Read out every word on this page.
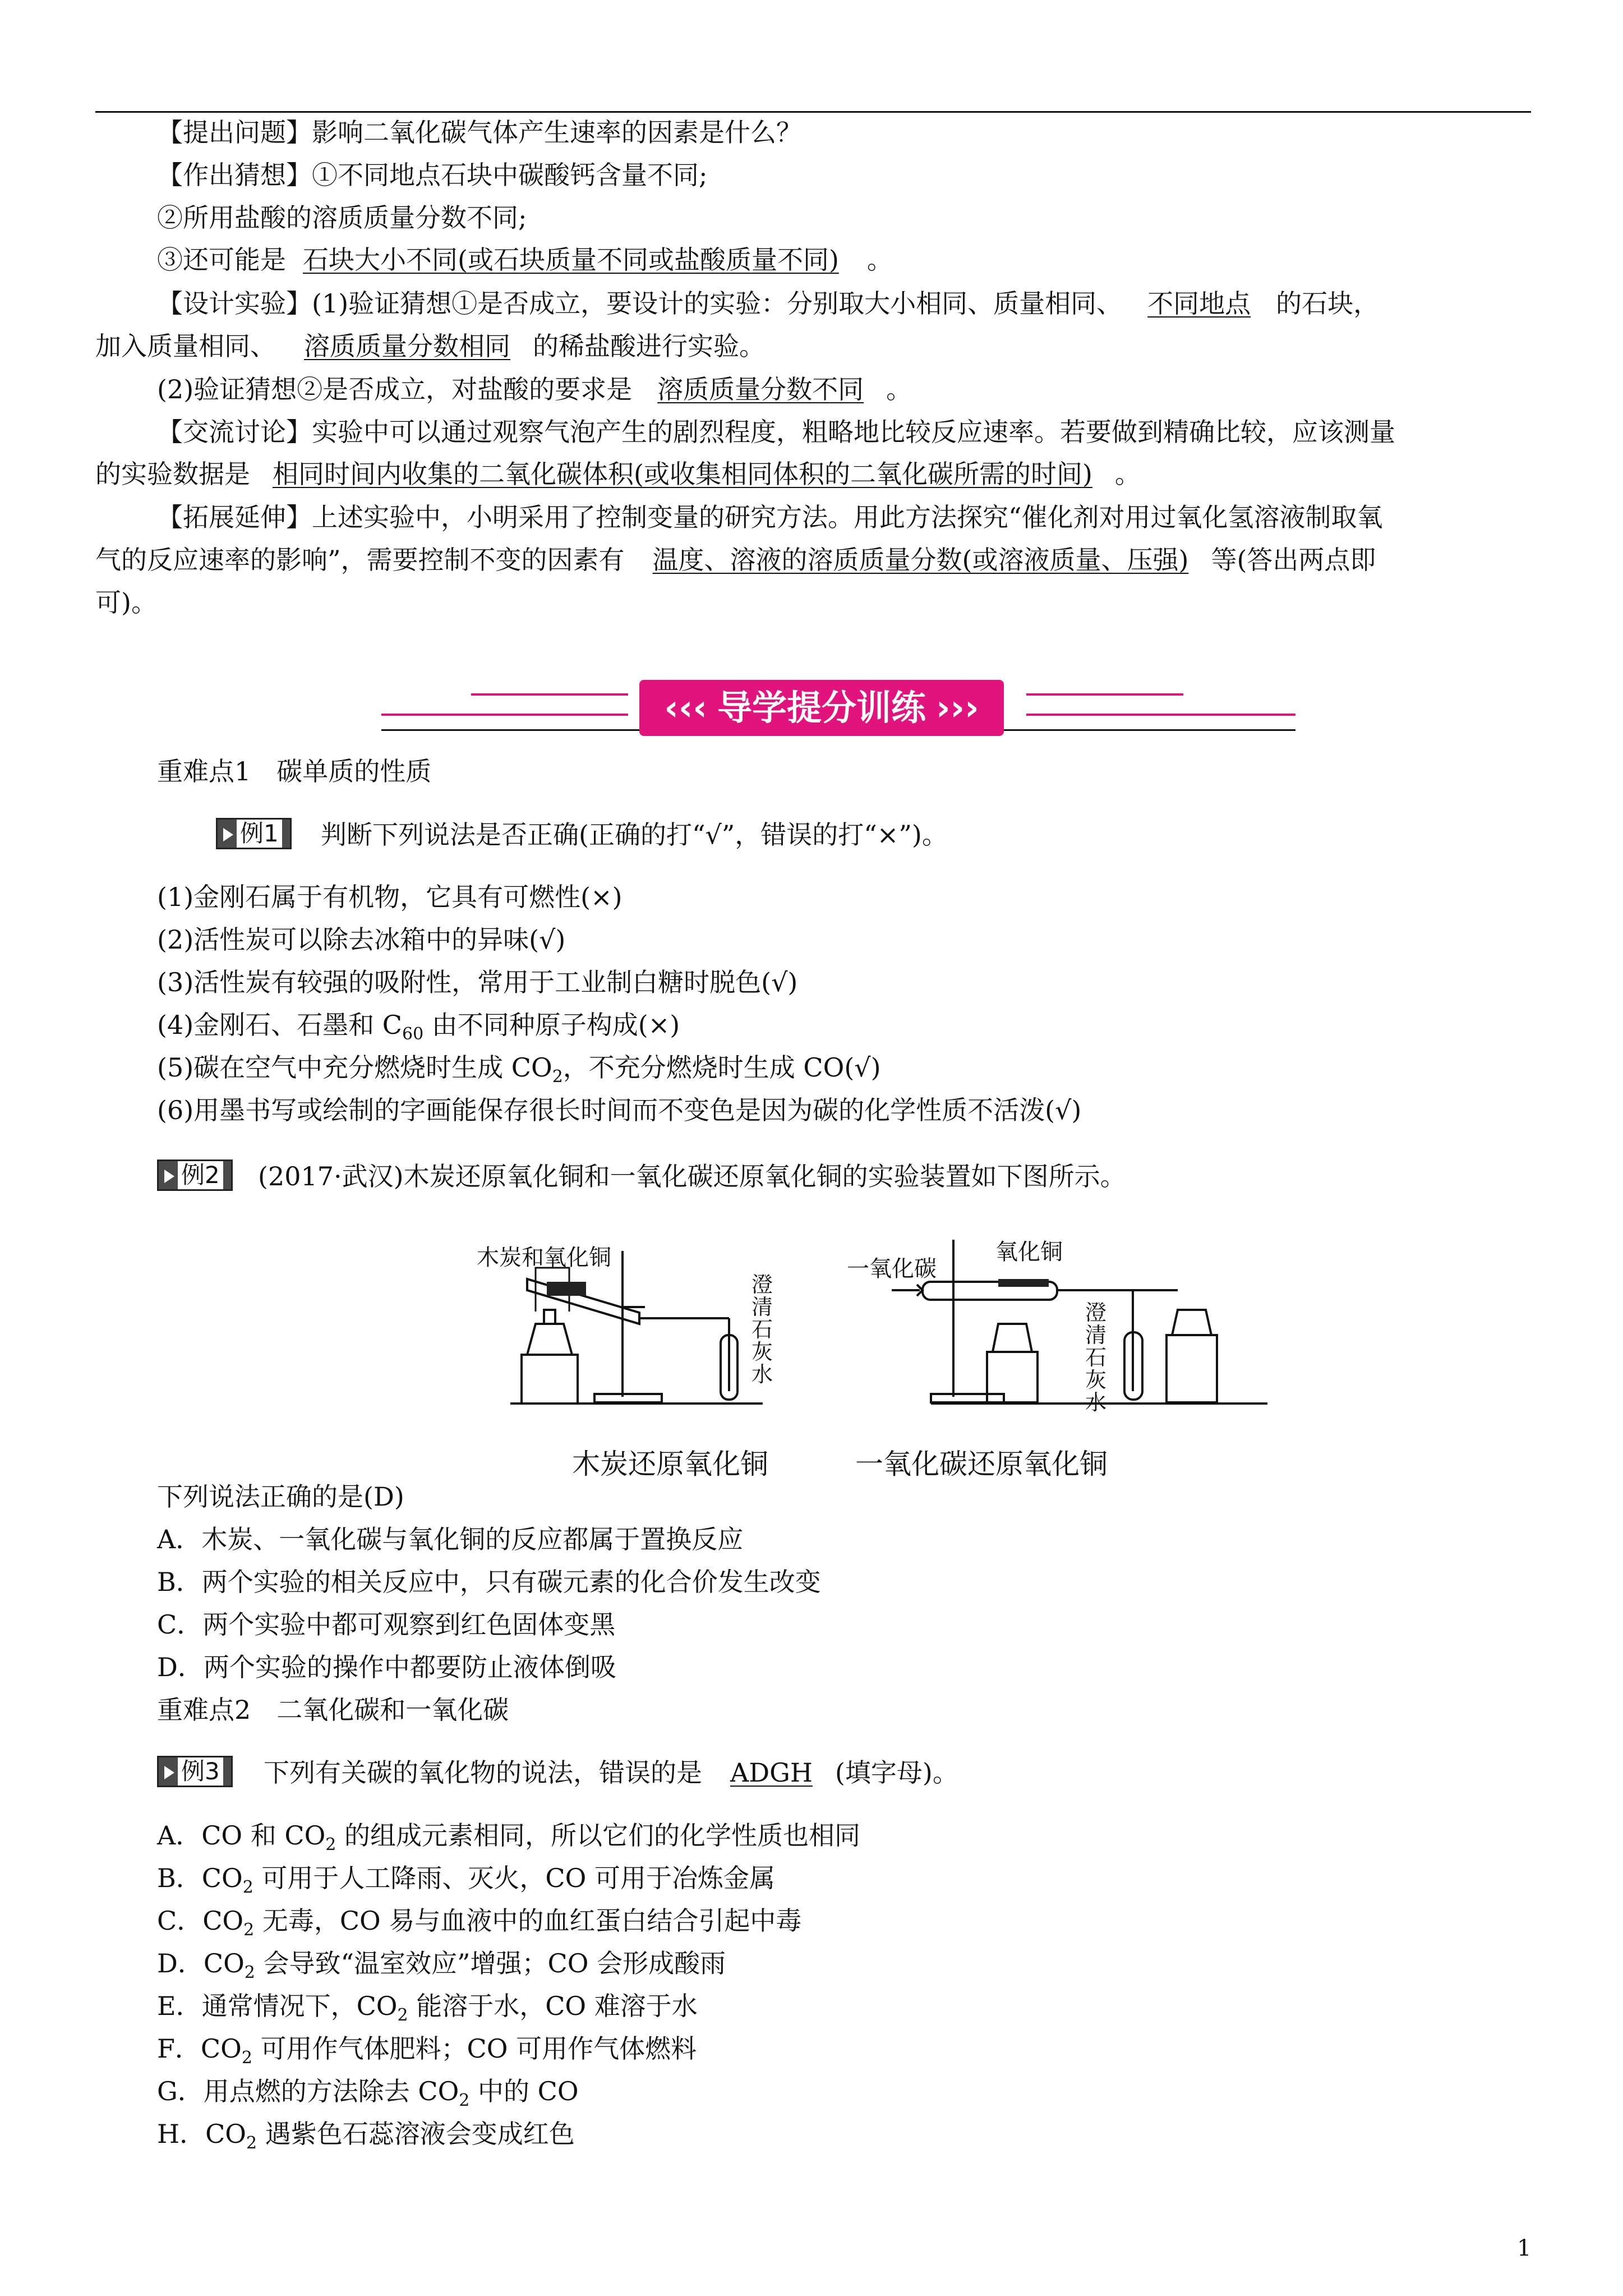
【提出问题】影响二氧化碳气体产生速率的因素是什么？
【作出猜想】①不同地点石块中碳酸钙含量不同;
②所用盐酸的溶质质量分数不同;
③还可能是 石块大小不同(或石块质量不同或盐酸质量不同) 。
【设计实验】(1)验证猜想①是否成立，要设计的实验：分别取大小相同、质量相同、 不同地点 的石块，
加入质量相同、 溶质质量分数相同 的稀盐酸进行实验。
(2)验证猜想②是否成立，对盐酸的要求是 溶质质量分数不同 。
【交流讨论】实验中可以通过观察气泡产生的剧烈程度，粗略地比较反应速率。若要做到精确比较，应该测量
的实验数据是 相同时间内收集的二氧化碳体积(或收集相同体积的二氧化碳所需的时间) 。
【拓展延伸】上述实验中，小明采用了控制变量的研究方法。用此方法探究“催化剂对用过氧化氢溶液制取氧
气的反应速率的影响”，需要控制不变的因素有 温度、溶液的溶质质量分数(或溶液质量、压强) 等(答出两点即
可)。
‹‹‹ 导学提分训练 ›››
重难点1　碳单质的性质
例1	判断下列说法是否正确(正确的打“√”，错误的打“×”)。
(1)金刚石属于有机物，它具有可燃性(×)
(2)活性炭可以除去冰箱中的异味(√)
(3)活性炭有较强的吸附性，常用于工业制白糖时脱色(√)
(4)金刚石、石墨和 $C_{60}$ 由不同种原子构成(×)
(5)碳在空气中充分燃烧时生成 $CO_2$，不充分燃烧时生成 CO(√)
(6)用墨书写或绘制的字画能保存很长时间而不变色是因为碳的化学性质不活泼(√)
例2	(2017·武汉)木炭还原氧化铜和一氧化碳还原氧化铜的实验装置如下图所示。
木炭和氧化铜
澄
清
石
灰
水
一氧化碳
氧化铜
澄
清
石
灰
水
木炭还原氧化铜	一氧化碳还原氧化铜
下列说法正确的是(D)
A．木炭、一氧化碳与氧化铜的反应都属于置换反应
B．两个实验的相关反应中，只有碳元素的化合价发生改变
C．两个实验中都可观察到红色固体变黑
D．两个实验的操作中都要防止液体倒吸
重难点2　二氧化碳和一氧化碳
例3	下列有关碳的氧化物的说法，错误的是 ADGH (填字母)。
A．CO 和 $CO_2$ 的组成元素相同，所以它们的化学性质也相同
B．$CO_2$ 可用于人工降雨、灭火，CO 可用于冶炼金属
C．$CO_2$ 无毒，CO 易与血液中的血红蛋白结合引起中毒
D．$CO_2$ 会导致“温室效应”增强；CO 会形成酸雨
E．通常情况下，$CO_2$ 能溶于水，CO 难溶于水
F．$CO_2$ 可用作气体肥料；CO 可用作气体燃料
G．用点燃的方法除去 $CO_2$ 中的 CO
H．$CO_2$ 遇紫色石蕊溶液会变成红色
1
